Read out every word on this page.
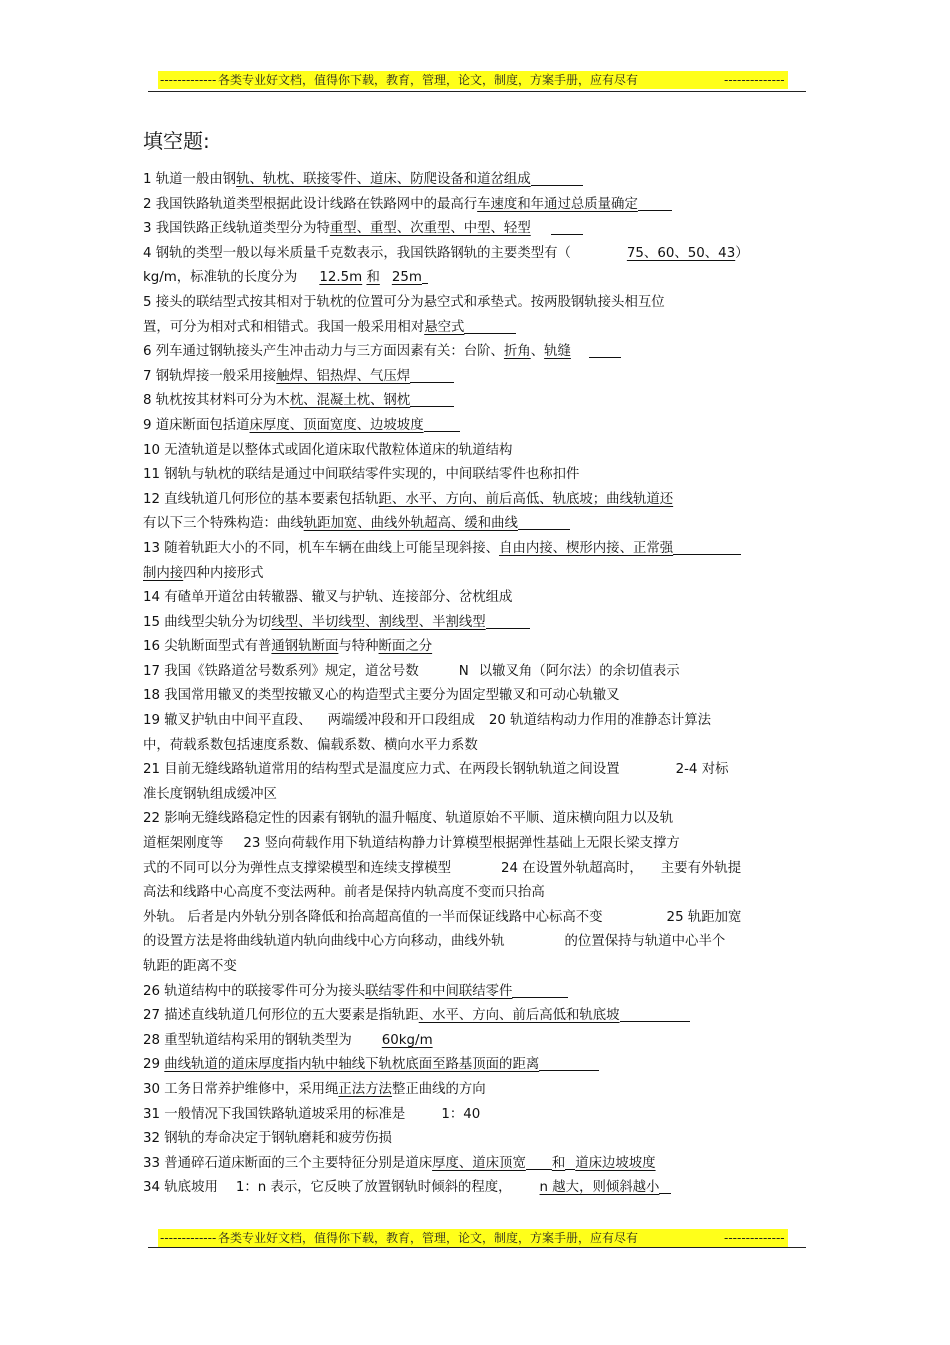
------------- 各类专业好文档，值得你下载，教育，管理，论文，制度，方案手册，应有尽有	--------------
填空题:
1 轨道一般由钢轨、轨枕、联接零件、道床、防爬设备和道岔组成
2 我国铁路轨道类型根据此设计线路在铁路网中的最高行车速度和年通过总质量确定
3 我国铁路正线轨道类型分为特重型、重型、次重型、中型、轻型
4 钢轨的类型一般以每米质量千克数表示，我国铁路钢轨的主要类型有（	75、60、50、43）
kg/m，标准轨的长度分为 12.5m 和 25m
5 接头的联结型式按其相对于轨枕的位置可分为悬空式和承垫式。按两股钢轨接头相互位
置，可分为相对式和相错式。我国一般采用相对悬空式
6 列车通过钢轨接头产生冲击动力与三方面因素有关：台阶、折角、轨缝
7 钢轨焊接一般采用接触焊、铝热焊、气压焊
8 轨枕按其材料可分为木枕、混凝土枕、钢枕
9 道床断面包括道床厚度、顶面宽度、边坡坡度
10 无渣轨道是以整体式或固化道床取代散粒体道床的轨道结构
11 钢轨与轨枕的联结是通过中间联结零件实现的，中间联结零件也称扣件
12 直线轨道几何形位的基本要素包括轨距、水平、方向、前后高低、轨底坡；曲线轨道还
有以下三个特殊构造：曲线轨距加宽、曲线外轨超高、缓和曲线
13 随着轨距大小的不同，机车车辆在曲线上可能呈现斜接、自由内接、楔形内接、正常强
制内接四种内接形式
14 有碴单开道岔由转辙器、辙叉与护轨、连接部分、岔枕组成
15 曲线型尖轨分为切线型、半切线型、割线型、半割线型
16 尖轨断面型式有普通钢轨断面与特种断面之分
17 我国《铁路道岔号数系列》规定，道岔号数	N 以辙叉角（阿尔法）的余切值表示
18 我国常用辙叉的类型按辙叉心的构造型式主要分为固定型辙叉和可动心轨辙叉
19 辙叉护轨由中间平直段、 两端缓冲段和开口段组成 20 轨道结构动力作用的准静态计算法
中，荷载系数包括速度系数、偏载系数、横向水平力系数
21 目前无缝线路轨道常用的结构型式是温度应力式、在两段长钢轨轨道之间设置	2-4 对标
准长度钢轨组成缓冲区
22 影响无缝线路稳定性的因素有钢轨的温升幅度、轨道原始不平顺、道床横向阻力以及轨
道框架刚度等 23 竖向荷载作用下轨道结构静力计算模型根据弹性基础上无限长梁支撑方
式的不同可以分为弹性点支撑梁模型和连续支撑模型	24 在设置外轨超高时， 主要有外轨提
高法和线路中心高度不变法两种。前者是保持内轨高度不变而只抬高
外轨。 后者是内外轨分别各降低和抬高超高值的一半而保证线路中心标高不变	25 轨距加宽
的设置方法是将曲线轨道内轨向曲线中心方向移动，曲线外轨	的位置保持与轨道中心半个
轨距的距离不变
26 轨道结构中的联接零件可分为接头联结零件和中间联结零件
27 描述直线轨道几何形位的五大要素是指轨距、水平、方向、前后高低和轨底坡
28 重型轨道结构采用的钢轨类型为 60kg/m
29 曲线轨道的道床厚度指内轨中轴线下轨枕底面至路基顶面的距离
30 工务日常养护维修中，采用绳正法方法整正曲线的方向
31 一般情况下我国铁路轨道坡采用的标准是	1：40
32 钢轨的寿命决定于钢轨磨耗和疲劳伤损
33 普通碎石道床断面的三个主要特征分别是道床厚度、道床顶宽 和 道床边坡坡度
34 轨底坡用 1：n 表示，它反映了放置钢轨时倾斜的程度， n 越大，则倾斜越小
------------- 各类专业好文档，值得你下载，教育，管理，论文，制度，方案手册，应有尽有	--------------
